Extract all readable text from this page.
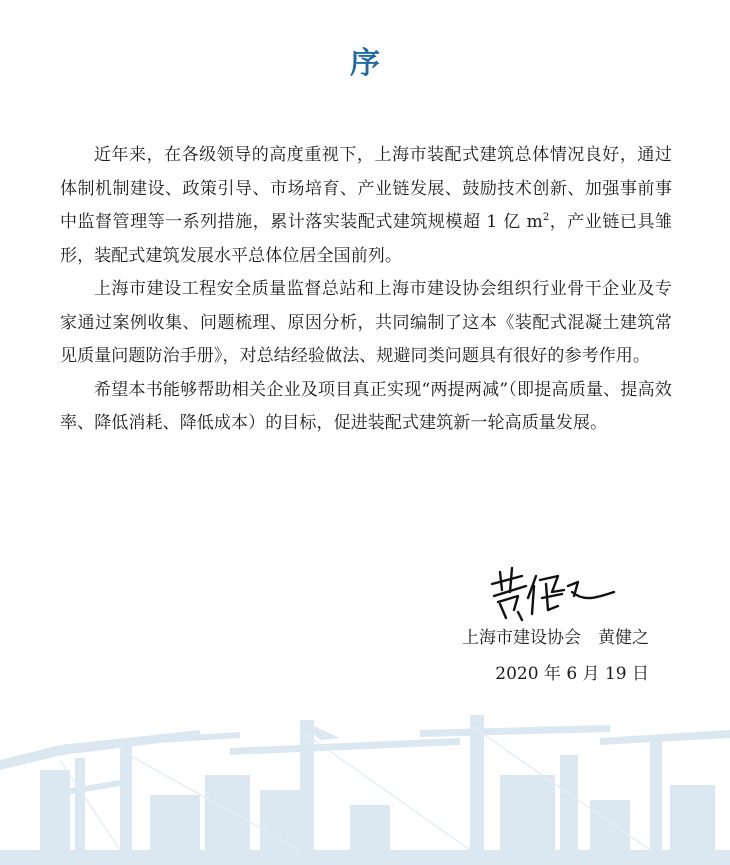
序

近年来，在各级领导的高度重视下，上海市装配式建筑总体情况良好，通过体制机制建设、政策引导、市场培育、产业链发展、鼓励技术创新、加强事前事中监督管理等一系列措施，累计落实装配式建筑规模超 1 亿 $m^2$，产业链已具雏形，装配式建筑发展水平总体位居全国前列。

上海市建设工程安全质量监督总站和上海市建设协会组织行业骨干企业及专家通过案例收集、问题梳理、原因分析，共同编制了这本《装配式混凝土建筑常见质量问题防治手册》，对总结经验做法、规避同类问题具有很好的参考作用。

希望本书能够帮助相关企业及项目真正实现“两提两减”（即提高质量、提高效率、降低消耗、降低成本）的目标，促进装配式建筑新一轮高质量发展。

上海市建设协会　黄健之
2020 年 6 月 19 日
